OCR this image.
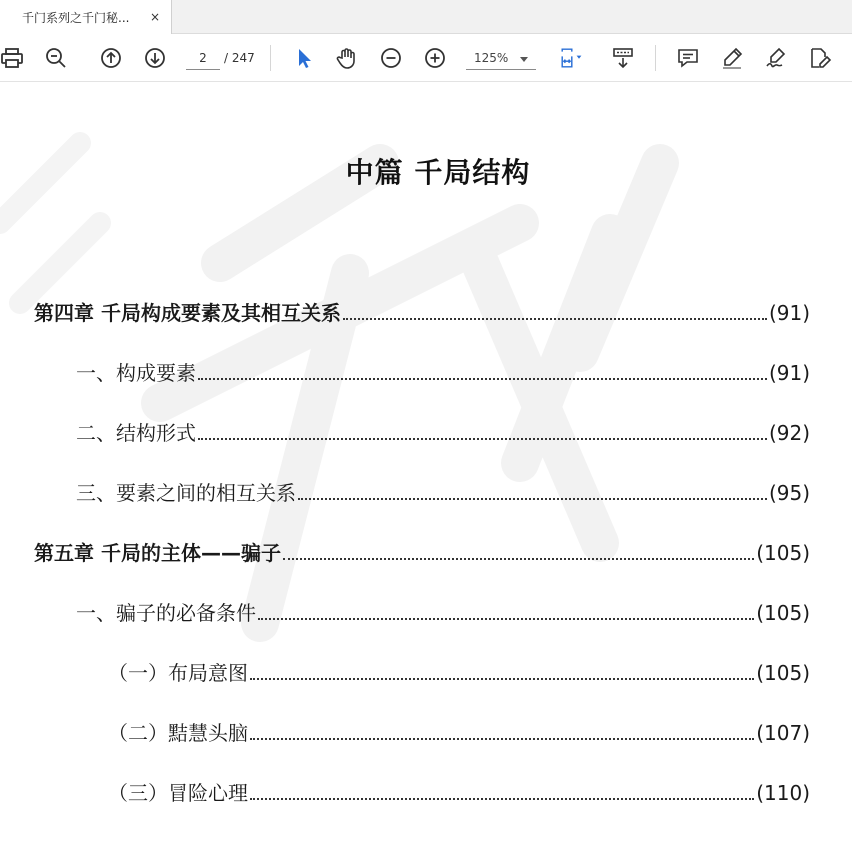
千门系列之千门秘... ×
2	/ 247	125%
中篇 千局结构
第四章 千局构成要素及其相互关系	(91)
一、构成要素	(91)
二、结构形式	(92)
三、要素之间的相互关系	(95)
第五章 千局的主体——骗子	(105)
一、骗子的必备条件	(105)
（一）布局意图	(105)
（二）黠慧头脑	(107)
（三）冒险心理	(110)
